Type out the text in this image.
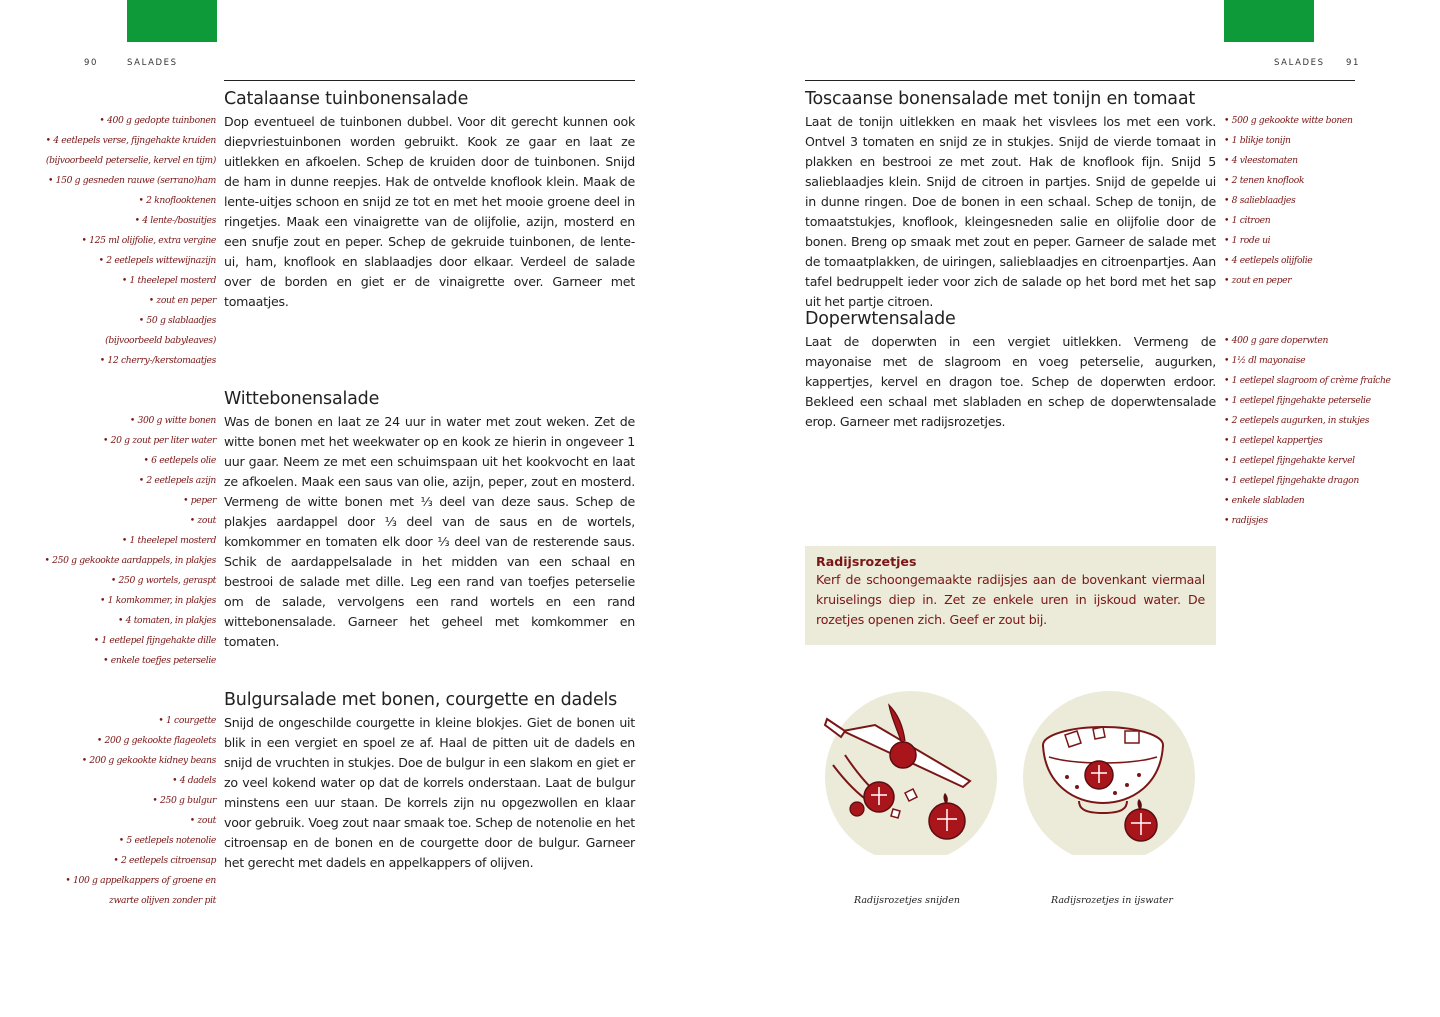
90	SALADES	SALADES	91
Catalaanse tuinbonensalade

Dop eventueel de tuinbonen dubbel. Voor dit gerecht kunnen ook diepvriestuinbonen worden gebruikt. Kook ze gaar en laat ze uitlekken en afkoelen. Schep de kruiden door de tuinbonen. Snijd de ham in dunne reepjes. Hak de ontvelde knoflook klein. Maak de lente-uitjes schoon en snijd ze tot en met het mooie groene deel in ringetjes. Maak een vinaigrette van de olijfolie, azijn, mosterd en een snufje zout en peper. Schep de gekruide tuinbonen, de lente-ui, ham, knoflook en slablaadjes door elkaar. Verdeel de salade over de borden en giet er de vinaigrette over. Garneer met tomaatjes.

• 400 g gedopte tuinbonen
• 4 eetlepels verse, fijngehakte kruiden
(bijvoorbeeld peterselie, kervel en tijm)
• 150 g gesneden rauwe (serrano)ham
• 2 knoflooktenen
• 4 lente-/bosuitjes
• 125 ml olijfolie, extra vergine
• 2 eetlepels wittewijnazijn
• 1 theelepel mosterd
• zout en peper
• 50 g slablaadjes
(bijvoorbeeld babyleaves)
• 12 cherry-/kerstomaatjes
Wittebonensalade

Was de bonen en laat ze 24 uur in water met zout weken. Zet de witte bonen met het weekwater op en kook ze hierin in ongeveer 1 uur gaar. Neem ze met een schuimspaan uit het kookvocht en laat ze afkoelen. Maak een saus van olie, azijn, peper, zout en mosterd. Vermeng de witte bonen met ⅓ deel van deze saus. Schep de plakjes aardappel door ⅓ deel van de saus en de wortels, komkommer en tomaten elk door ⅓ deel van de resterende saus. Schik de aardappelsalade in het midden van een schaal en bestrooi de salade met dille. Leg een rand van toefjes peterselie om de salade, vervolgens een rand wortels en een rand wittebonensalade. Garneer het geheel met komkommer en tomaten.

• 300 g witte bonen
• 20 g zout per liter water
• 6 eetlepels olie
• 2 eetlepels azijn
• peper
• zout
• 1 theelepel mosterd
• 250 g gekookte aardappels, in plakjes
• 250 g wortels, geraspt
• 1 komkommer, in plakjes
• 4 tomaten, in plakjes
• 1 eetlepel fijngehakte dille
• enkele toefjes peterselie
Bulgursalade met bonen, courgette en dadels

Snijd de ongeschilde courgette in kleine blokjes. Giet de bonen uit blik in een vergiet en spoel ze af. Haal de pitten uit de dadels en snijd de vruchten in stukjes. Doe de bulgur in een slakom en giet er zo veel kokend water op dat de korrels onderstaan. Laat de bulgur minstens een uur staan. De korrels zijn nu opgezwollen en klaar voor gebruik. Voeg zout naar smaak toe. Schep de notenolie en het citroensap en de bonen en de courgette door de bulgur. Garneer het gerecht met dadels en appelkappers of olijven.

• 1 courgette
• 200 g gekookte flageolets
• 200 g gekookte kidney beans
• 4 dadels
• 250 g bulgur
• zout
• 5 eetlepels notenolie
• 2 eetlepels citroensap
• 100 g appelkappers of groene en
zwarte olijven zonder pit
Toscaanse bonensalade met tonijn en tomaat

Laat de tonijn uitlekken en maak het visvlees los met een vork. Ontvel 3 tomaten en snijd ze in stukjes. Snijd de vierde tomaat in plakken en bestrooi ze met zout. Hak de knoflook fijn. Snijd 5 salieblaadjes klein. Snijd de citroen in partjes. Snijd de gepelde ui in dunne ringen. Doe de bonen in een schaal. Schep de tonijn, de tomaatstukjes, knoflook, kleingesneden salie en olijfolie door de bonen. Breng op smaak met zout en peper. Garneer de salade met de tomaatplakken, de uiringen, salieblaadjes en citroenpartjes. Aan tafel bedruppelt ieder voor zich de salade op het bord met het sap uit het partje citroen.

• 500 g gekookte witte bonen
• 1 blikje tonijn
• 4 vleestomaten
• 2 tenen knoflook
• 8 salieblaadjes
• 1 citroen
• 1 rode ui
• 4 eetlepels olijfolie
• zout en peper
Doperwtensalade

Laat de doperwten in een vergiet uitlekken. Vermeng de mayonaise met de slagroom en voeg peterselie, augurken, kappertjes, kervel en dragon toe. Schep de doperwten erdoor. Bekleed een schaal met slabladen en schep de doperwtensalade erop. Garneer met radijsrozetjes.

• 400 g gare doperwten
• 1½ dl mayonaise
• 1 eetlepel slagroom of crème fraîche
• 1 eetlepel fijngehakte peterselie
• 2 eetlepels augurken, in stukjes
• 1 eetlepel kappertjes
• 1 eetlepel fijngehakte kervel
• 1 eetlepel fijngehakte dragon
• enkele slabladen
• radijsjes
Radijsrozetjes

Kerf de schoongemaakte radijsjes aan de bovenkant viermaal kruiselings diep in. Zet ze enkele uren in ijskoud water. De rozetjes openen zich. Geef er zout bij.

Radijsrozetjes snijden	Radijsrozetjes in ijswater
